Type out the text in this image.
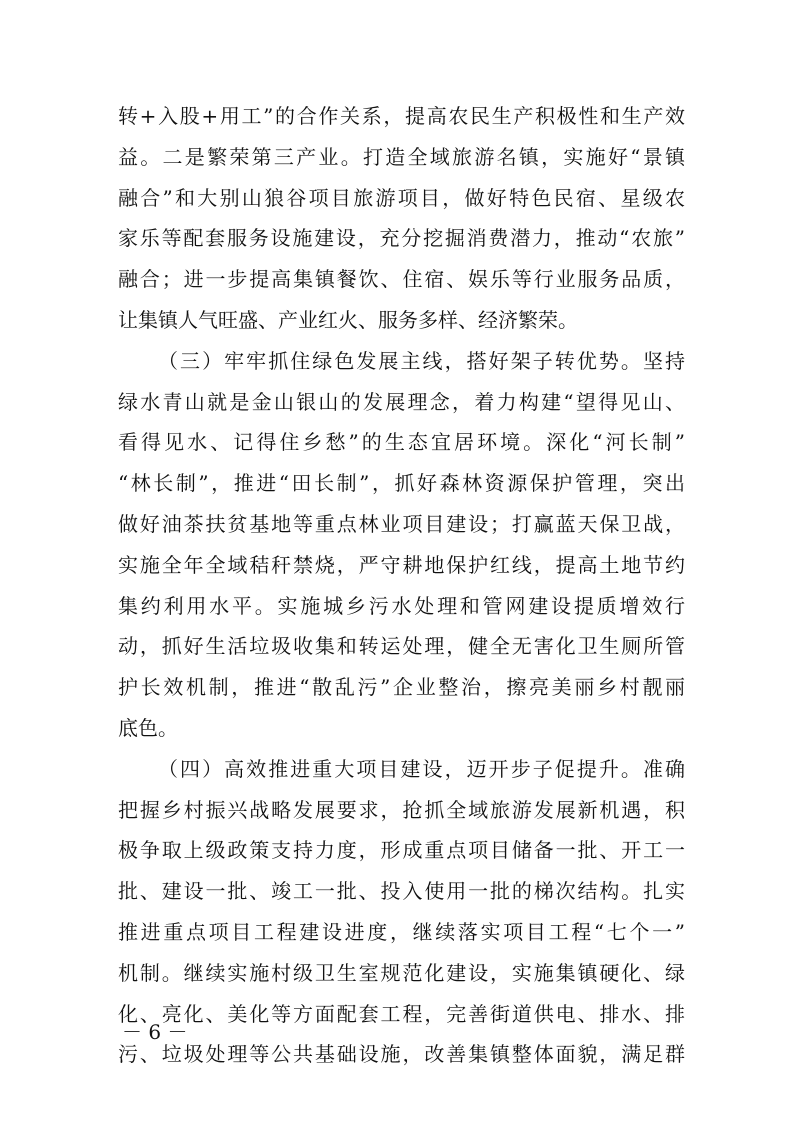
转+入股+用工”的合作关系，提高农民生产积极性和生产效
益。二是繁荣第三产业。打造全域旅游名镇，实施好“景镇
融合”和大别山狼谷项目旅游项目，做好特色民宿、星级农
家乐等配套服务设施建设，充分挖掘消费潜力，推动“农旅”
融合；进一步提高集镇餐饮、住宿、娱乐等行业服务品质，
让集镇人气旺盛、产业红火、服务多样、经济繁荣。
（三）牢牢抓住绿色发展主线，搭好架子转优势。坚持
绿水青山就是金山银山的发展理念，着力构建“望得见山、
看得见水、记得住乡愁”的生态宜居环境。深化“河长制”
“林长制”，推进“田长制”，抓好森林资源保护管理，突出
做好油茶扶贫基地等重点林业项目建设；打赢蓝天保卫战，
实施全年全域秸秆禁烧，严守耕地保护红线，提高土地节约
集约利用水平。实施城乡污水处理和管网建设提质增效行
动，抓好生活垃圾收集和转运处理，健全无害化卫生厕所管
护长效机制，推进“散乱污”企业整治，擦亮美丽乡村靓丽
底色。
（四）高效推进重大项目建设，迈开步子促提升。准确
把握乡村振兴战略发展要求，抢抓全域旅游发展新机遇，积
极争取上级政策支持力度，形成重点项目储备一批、开工一
批、建设一批、竣工一批、投入使用一批的梯次结构。扎实
推进重点项目工程建设进度，继续落实项目工程“七个一”
机制。继续实施村级卫生室规范化建设，实施集镇硬化、绿
化、亮化、美化等方面配套工程，完善街道供电、排水、排
污、垃圾处理等公共基础设施，改善集镇整体面貌，满足群
－ 6 －
